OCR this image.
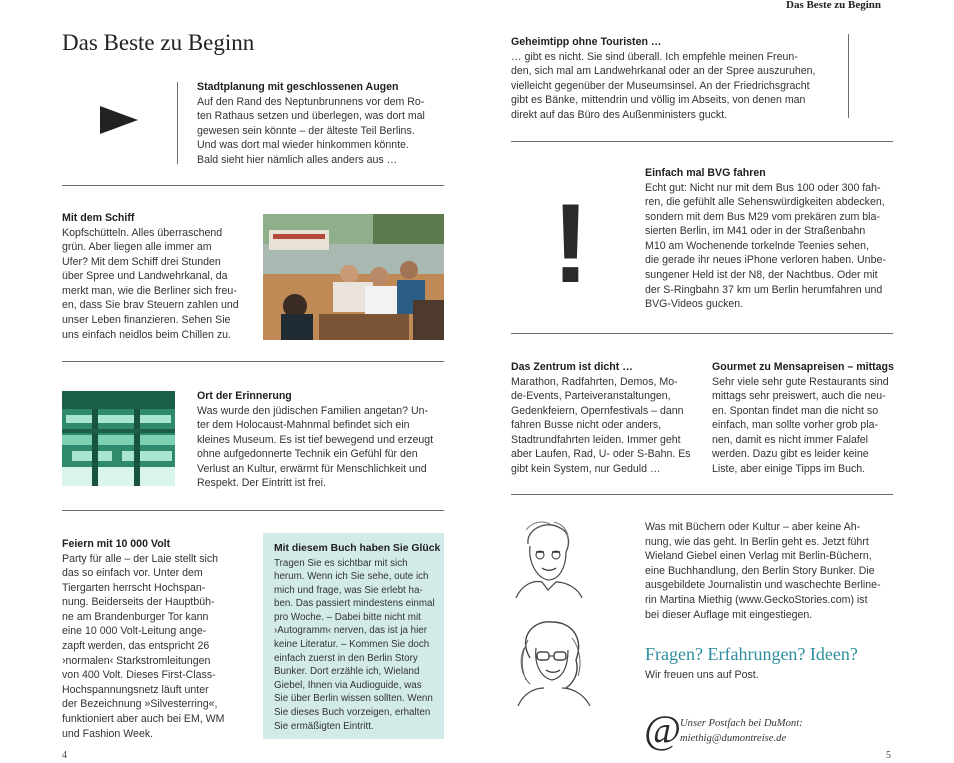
Das Beste zu Beginn
Das Beste zu Beginn
Stadtplanung mit geschlossenen Augen
Auf den Rand des Neptunbrunnens vor dem Ro-
ten Rathaus setzen und überlegen, was dort mal
gewesen sein könnte – der älteste Teil Berlins.
Und was dort mal wieder hinkommen könnte.
Bald sieht hier nämlich alles anders aus …
Mit dem Schiff
Kopfschütteln. Alles überraschend
grün. Aber liegen alle immer am
Ufer? Mit dem Schiff drei Stunden
über Spree und Landwehrkanal, da
merkt man, wie die Berliner sich freu-
en, dass Sie brav Steuern zahlen und
unser Leben finanzieren. Sehen Sie
uns einfach neidlos beim Chillen zu.
Ort der Erinnerung
Was wurde den jüdischen Familien angetan? Un-
ter dem Holocaust-Mahnmal befindet sich ein
kleines Museum. Es ist tief bewegend und erzeugt
ohne aufgedonnerte Technik ein Gefühl für den
Verlust an Kultur, erwärmt für Menschlichkeit und
Respekt. Der Eintritt ist frei.
Feiern mit 10 000 Volt
Party für alle – der Laie stellt sich
das so einfach vor. Unter dem
Tiergarten herrscht Hochspan-
nung. Beiderseits der Hauptbüh-
ne am Brandenburger Tor kann
eine 10 000 Volt-Leitung ange-
zapft werden, das entspricht 26
›normalen‹ Starkstromleitungen
von 400 Volt. Dieses First-Class-
Hochspannungsnetz läuft unter
der Bezeichnung »Silvesterring«,
funktioniert aber auch bei EM, WM
und Fashion Week.
Mit diesem Buch haben Sie Glück
Tragen Sie es sichtbar mit sich
herum. Wenn ich Sie sehe, oute ich
mich und frage, was Sie erlebt ha-
ben. Das passiert mindestens einmal
pro Woche. – Dabei bitte nicht mit
›Autogramm‹ nerven, das ist ja hier
keine Literatur. – Kommen Sie doch
einfach zuerst in den Berlin Story
Bunker. Dort erzähle ich, Wieland
Giebel, Ihnen via Audioguide, was
Sie über Berlin wissen sollten. Wenn
Sie dieses Buch vorzeigen, erhalten
Sie ermäßigten Eintritt.
4
Geheimtipp ohne Touristen …
… gibt es nicht. Sie sind überall. Ich empfehle meinen Freun-
den, sich mal am Landwehrkanal oder an der Spree auszuruhen,
vielleicht gegenüber der Museumsinsel. An der Friedrichsgracht
gibt es Bänke, mittendrin und völlig im Abseits, von denen man
direkt auf das Büro des Außenministers guckt.
!
Einfach mal BVG fahren
Echt gut: Nicht nur mit dem Bus 100 oder 300 fah-
ren, die gefühlt alle Sehenswürdigkeiten abdecken,
sondern mit dem Bus M29 vom prekären zum bla-
sierten Berlin, im M41 oder in der Straßenbahn
M10 am Wochenende torkelnde Teenies sehen,
die gerade ihr neues iPhone verloren haben. Unbe-
sungener Held ist der N8, der Nachtbus. Oder mit
der S-Ringbahn 37 km um Berlin herumfahren und
BVG-Videos gucken.
Das Zentrum ist dicht …
Marathon, Radfahrten, Demos, Mo-
de-Events, Parteiveranstaltungen,
Gedenkfeiern, Opernfestivals – dann
fahren Busse nicht oder anders,
Stadtrundfahrten leiden. Immer geht
aber Laufen, Rad, U- oder S-Bahn. Es
gibt kein System, nur Geduld …
Gourmet zu Mensapreisen – mittags
Sehr viele sehr gute Restaurants sind
mittags sehr preiswert, auch die neu-
en. Spontan findet man die nicht so
einfach, man sollte vorher grob pla-
nen, damit es nicht immer Falafel
werden. Dazu gibt es leider keine
Liste, aber einige Tipps im Buch.
Was mit Büchern oder Kultur – aber keine Ah-
nung, wie das geht. In Berlin geht es. Jetzt führt
Wieland Giebel einen Verlag mit Berlin-Büchern,
eine Buchhandlung, den Berlin Story Bunker. Die
ausgebildete Journalistin und waschechte Berline-
rin Martina Miethig (www.GeckoStories.com) ist
bei dieser Auflage mit eingestiegen.
Fragen? Erfahrungen? Ideen?
Wir freuen uns auf Post.
@ Unser Postfach bei DuMont:
miethig@dumontreise.de
5
